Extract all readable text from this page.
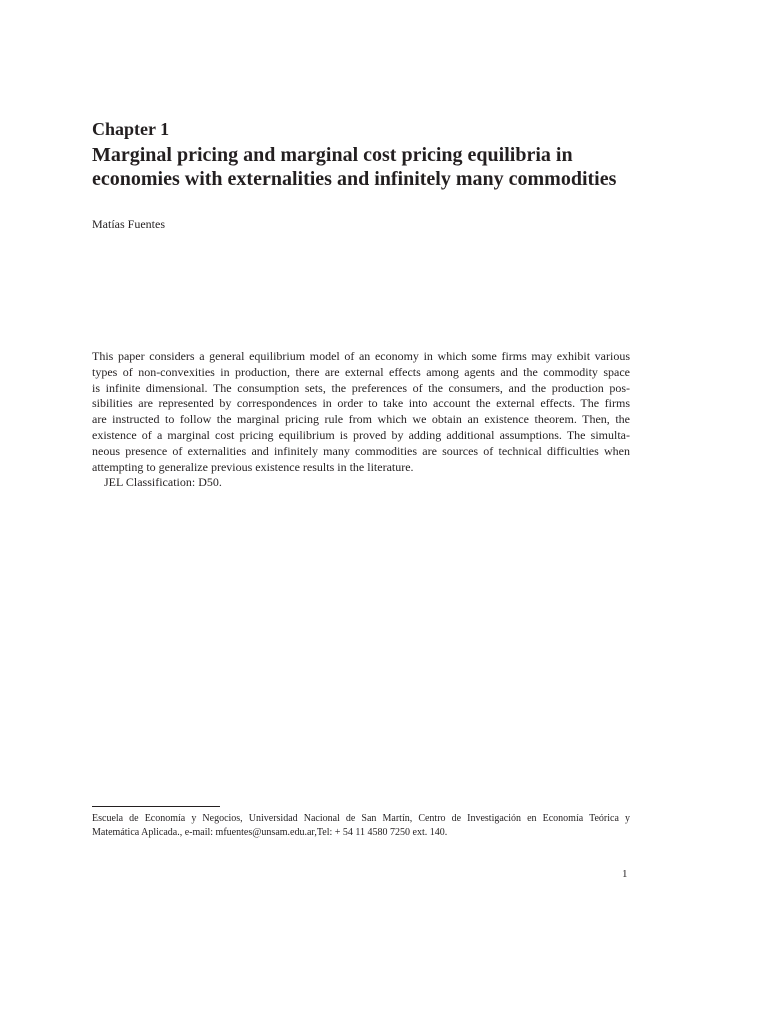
Chapter 1
Marginal pricing and marginal cost pricing equilibria in
economies with externalities and infinitely many commodities
Matías Fuentes
This paper considers a general equilibrium model of an economy in which some firms may exhibit various
types of non-convexities in production, there are external effects among agents and the commodity space
is infinite dimensional. The consumption sets, the preferences of the consumers, and the production pos-
sibilities are represented by correspondences in order to take into account the external effects. The firms
are instructed to follow the marginal pricing rule from which we obtain an existence theorem. Then, the
existence of a marginal cost pricing equilibrium is proved by adding additional assumptions. The simulta-
neous presence of externalities and infinitely many commodities are sources of technical difficulties when
attempting to generalize previous existence results in the literature.
JEL Classification: D50.
Escuela de Economía y Negocios, Universidad Nacional de San Martín, Centro de Investigación en Economía Teórica y
Matemática Aplicada., e-mail: mfuentes@unsam.edu.ar,Tel: + 54 11 4580 7250 ext. 140.
1
